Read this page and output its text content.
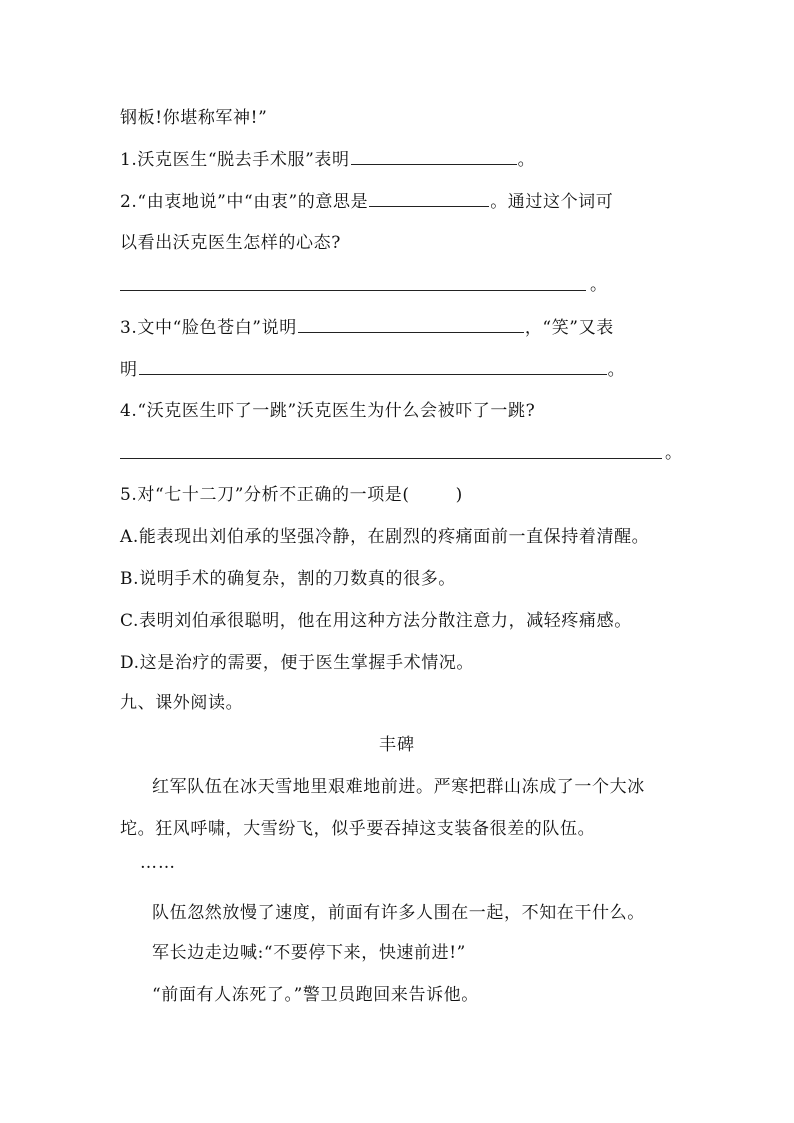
钢板!你堪称军神!”
1.沃克医生“脱去手术服”表明	。
2.“由衷地说”中“由衷”的意思是	。通过这个词可
以看出沃克医生怎样的心态?
。
3.文中“脸色苍白”说明	，“笑”又表
明	。
4.“沃克医生吓了一跳”沃克医生为什么会被吓了一跳?
。
5.对“七十二刀”分析不正确的一项是(	)
A.能表现出刘伯承的坚强冷静，在剧烈的疼痛面前一直保持着清醒。
B.说明手术的确复杂，割的刀数真的很多。
C.表明刘伯承很聪明，他在用这种方法分散注意力，减轻疼痛感。
D.这是治疗的需要，便于医生掌握手术情况。
九、课外阅读。
丰碑
红军队伍在冰天雪地里艰难地前进。严寒把群山冻成了一个大冰
坨。狂风呼啸，大雪纷飞，似乎要吞掉这支装备很差的队伍。
……
队伍忽然放慢了速度，前面有许多人围在一起，不知在干什么。
军长边走边喊:“不要停下来，快速前进!”
“前面有人冻死了。”警卫员跑回来告诉他。
